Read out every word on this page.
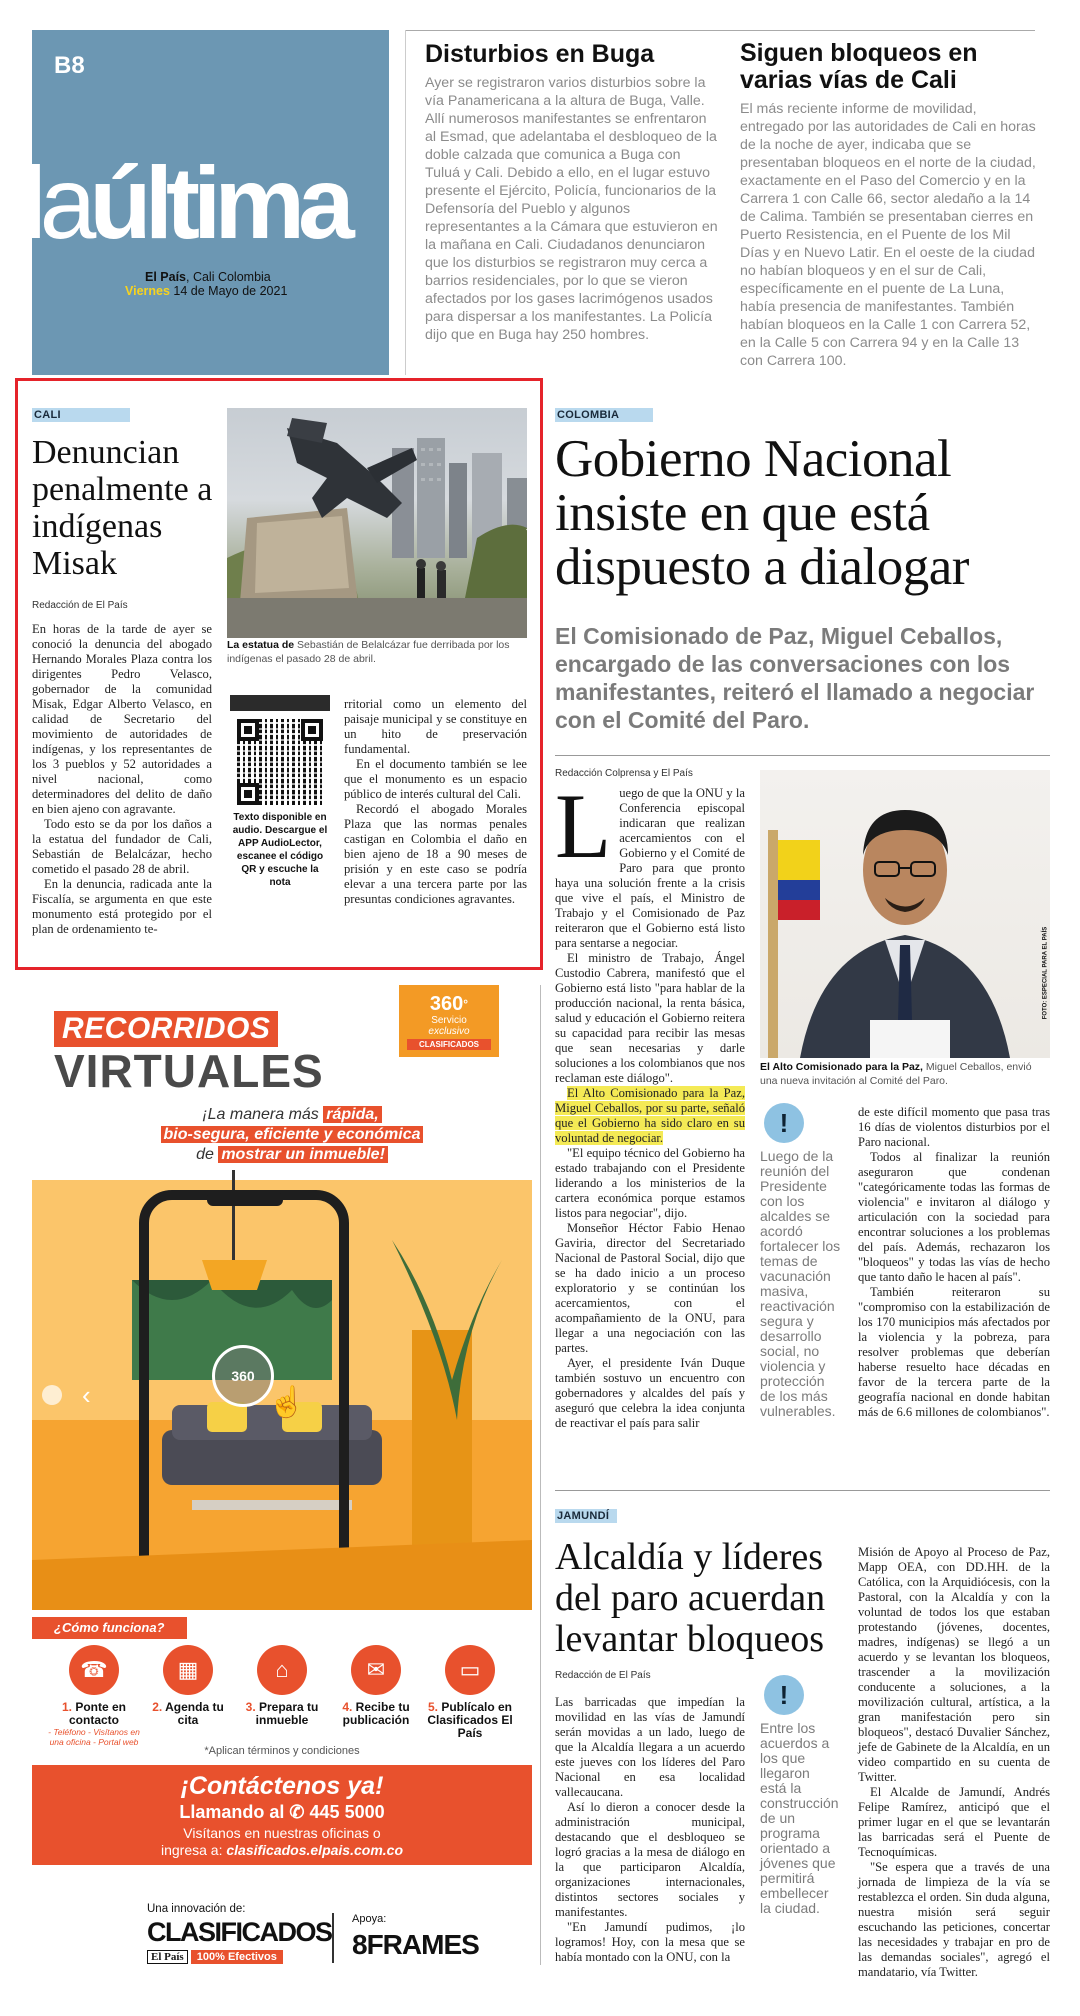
B8
laúltima
El País, Cali Colombia
Viernes 14 de Mayo de 2021
Disturbios en Buga

Ayer se registraron varios disturbios sobre la vía Panamericana a la altura de Buga, Valle. Allí numerosos manifestantes se enfrentaron al Esmad, que adelantaba el desbloqueo de la doble calzada que comunica a Buga con Tuluá y Cali. Debido a ello, en el lugar estuvo presente el Ejército, Policía, funcionarios de la Defensoría del Pueblo y algunos representantes a la Cámara que estuvieron en la mañana en Cali. Ciudadanos denunciaron que los disturbios se registraron muy cerca a barrios residenciales, por lo que se vieron afectados por los gases lacrimógenos usados para dispersar a los manifestantes. La Policía dijo que en Buga hay 250 hombres.

Siguen bloqueos en varias vías de Cali

El más reciente informe de movilidad, entregado por las autoridades de Cali en horas de la noche de ayer, indicaba que se presentaban bloqueos en el norte de la ciudad, exactamente en el Paso del Comercio y en la Carrera 1 con Calle 66, sector aledaño a la 14 de Calima. También se presentaban cierres en Puerto Resistencia, en el Puente de los Mil Días y en Nuevo Latir. En el oeste de la ciudad no habían bloqueos y en el sur de Cali, específicamente en el puente de La Luna, había presencia de manifestantes. También habían bloqueos en la Calle 1 con Carrera 52, en la Calle 5 con Carrera 94 y en la Calle 13 con Carrera 100.

CALI
Denuncian penalmente a indígenas Misak
Redacción de El País
FOTO: ARCHIVO EL PAÍS

La estatua de Sebastián de Belalcázar fue derribada por los indígenas el pasado 28 de abril.

En horas de la tarde de ayer se conoció la denuncia del abogado Hernando Morales Plaza contra los dirigentes Pedro Velasco, gobernador de la comunidad Misak, Edgar Alberto Velasco, en calidad de Secretario del movimiento de autoridades de indígenas, y los representantes de los 3 pueblos y 52 autoridades a nivel nacional, como determinadores del delito de daño en bien ajeno con agravante.

Todo esto se da por los daños a la estatua del fundador de Cali, Sebastián de Belalcázar, hecho cometido el pasado 28 de abril.

En la denuncia, radicada ante la Fiscalía, se argumenta en que este monumento está protegido por el plan de ordenamiento te-

Texto disponible en audio. Descargue el APP AudioLector, escanee el código QR y escuche la nota

rritorial como un elemento del paisaje municipal y se constituye en un hito de preservación fundamental.

En el documento también se lee que el monumento es un espacio público de interés cultural del Cali.

Recordó el abogado Morales Plaza que las normas penales castigan en Colombia el daño en bien ajeno de 18 a 90 meses de prisión y en este caso se podría elevar a una tercera parte por las presuntas condiciones agravantes.

COLOMBIA
Gobierno Nacional insiste en que está dispuesto a dialogar
El Comisionado de Paz, Miguel Ceballos, encargado de las conversaciones con los manifestantes, reiteró el llamado a negociar con el Comité del Paro.
Redacción Colprensa y El País
L uego de que la ONU y la Conferencia episcopal indicaran que realizan acercamientos con el Gobierno y el Comité de Paro para que pronto haya una solución frente a la crisis que vive el país, el Ministro de Trabajo y el Comisionado de Paz reiteraron que el Gobierno está listo para sentarse a negociar.

El ministro de Trabajo, Ángel Custodio Cabrera, manifestó que el Gobierno está listo "para hablar de la producción nacional, la renta básica, salud y educación el Gobierno reitera su capacidad para recibir las mesas que sean necesarias y darle soluciones a los colombianos que nos reclaman este diálogo".

El Alto Comisionado para la Paz, Miguel Ceballos, por su parte, señaló que el Gobierno ha sido claro en su voluntad de negociar.

"El equipo técnico del Gobierno ha estado trabajando con el Presidente liderando a los ministerios de la cartera económica porque estamos listos para negociar", dijo.

Monseñor Héctor Fabio Henao Gaviria, director del Secretariado Nacional de Pastoral Social, dijo que se ha dado inicio a un proceso exploratorio y se continúan los acercamientos, con el acompañamiento de la ONU, para llegar a una negociación con las partes.

Ayer, el presidente Iván Duque también sostuvo un encuentro con gobernadores y alcaldes del país y aseguró que celebra la idea conjunta de reactivar el país para salir

FOTO: ESPECIAL PARA EL PAÍS

El Alto Comisionado para la Paz, Miguel Ceballos, envió una nueva invitación al Comité del Paro.

!

Luego de la reunión del Presidente con los alcaldes se acordó fortalecer los temas de vacunación masiva, reactivación segura y desarrollo social, no violencia y protección de los más vulnerables.

de este difícil momento que pasa tras 16 días de violentos disturbios por el Paro nacional.

Todos al finalizar la reunión aseguraron que condenan "categóricamente todas las formas de violencia" e invitaron al diálogo y articulación con la sociedad para encontrar soluciones a los problemas del país. Además, rechazaron los "bloqueos" y todas las vías de hecho que tanto daño le hacen al país".

También reiteraron su "compromiso con la estabilización de los 170 municipios más afectados por la violencia y la pobreza, para resolver problemas que deberían haberse resuelto hace décadas en favor de la tercera parte de la geografía nacional en donde habitan más de 6.6 millones de colombianos".

JAMUNDÍ
Alcaldía y líderes del paro acuerdan levantar bloqueos
Redacción de El País

Las barricadas que impedían la movilidad en las vías de Jamundí serán movidas a un lado, luego de que la Alcaldía llegara a un acuerdo este jueves con los líderes del Paro Nacional en esa localidad vallecaucana.

Así lo dieron a conocer desde la administración municipal, destacando que el desbloqueo se logró gracias a la mesa de diálogo en la que participaron Alcaldía, organizaciones internacionales, distintos sectores sociales y manifestantes.

"En Jamundí pudimos, ¡lo logramos! Hoy, con la mesa que se había montado con la ONU, con la

!

Entre los acuerdos a los que llegaron está la construcción de un programa orientado a jóvenes que permitirá embellecer la ciudad.

Misión de Apoyo al Proceso de Paz, Mapp OEA, con DD.HH. de la Católica, con la Arquidiócesis, con la Pastoral, con la Alcaldía y con la voluntad de todos los que estaban protestando (jóvenes, docentes, madres, indígenas) se llegó a un acuerdo y se levantan los bloqueos, trascender a la movilización conducente a soluciones, a la movilización cultural, artística, a la gran manifestación pero sin bloqueos", destacó Duvalier Sánchez, jefe de Gabinete de la Alcaldía, en un video compartido en su cuenta de Twitter.

El Alcalde de Jamundí, Andrés Felipe Ramírez, anticipó que el primer lugar en el que se levantarán las barricadas será el Puente de Tecnoquímicas.

"Se espera que a través de una jornada de limpieza de la vía se restablezca el orden. Sin duda alguna, nuestra misión será seguir escuchando las peticiones, concertar las necesidades y trabajar en pro de las demandas sociales", agregó el mandatario, vía Twitter.

360°
Servicio
exclusivo
CLASIFICADOS
RECORRIDOS
VIRTUALES
¡La manera más rápida,
bio-segura, eficiente y económica
de mostrar un inmueble!
‹
360
☝
¿Cómo funciona?
☎
1. Ponte en contacto
- Teléfono - Visítanos en una oficina - Portal web
▦
2. Agenda tu cita
⌂
3. Prepara tu inmueble
✉
4. Recibe tu publicación
▭
5. Publícalo en Clasificados El País
*Aplican términos y condiciones
¡Contáctenos ya!
Llamando al ✆ 445 5000
Visítanos en nuestras oficinas o
ingresa a: clasificados.elpais.com.co
Una innovación de:
CLASIFICADOS
El País 100% Efectivos
Apoya:
8FRAMES
